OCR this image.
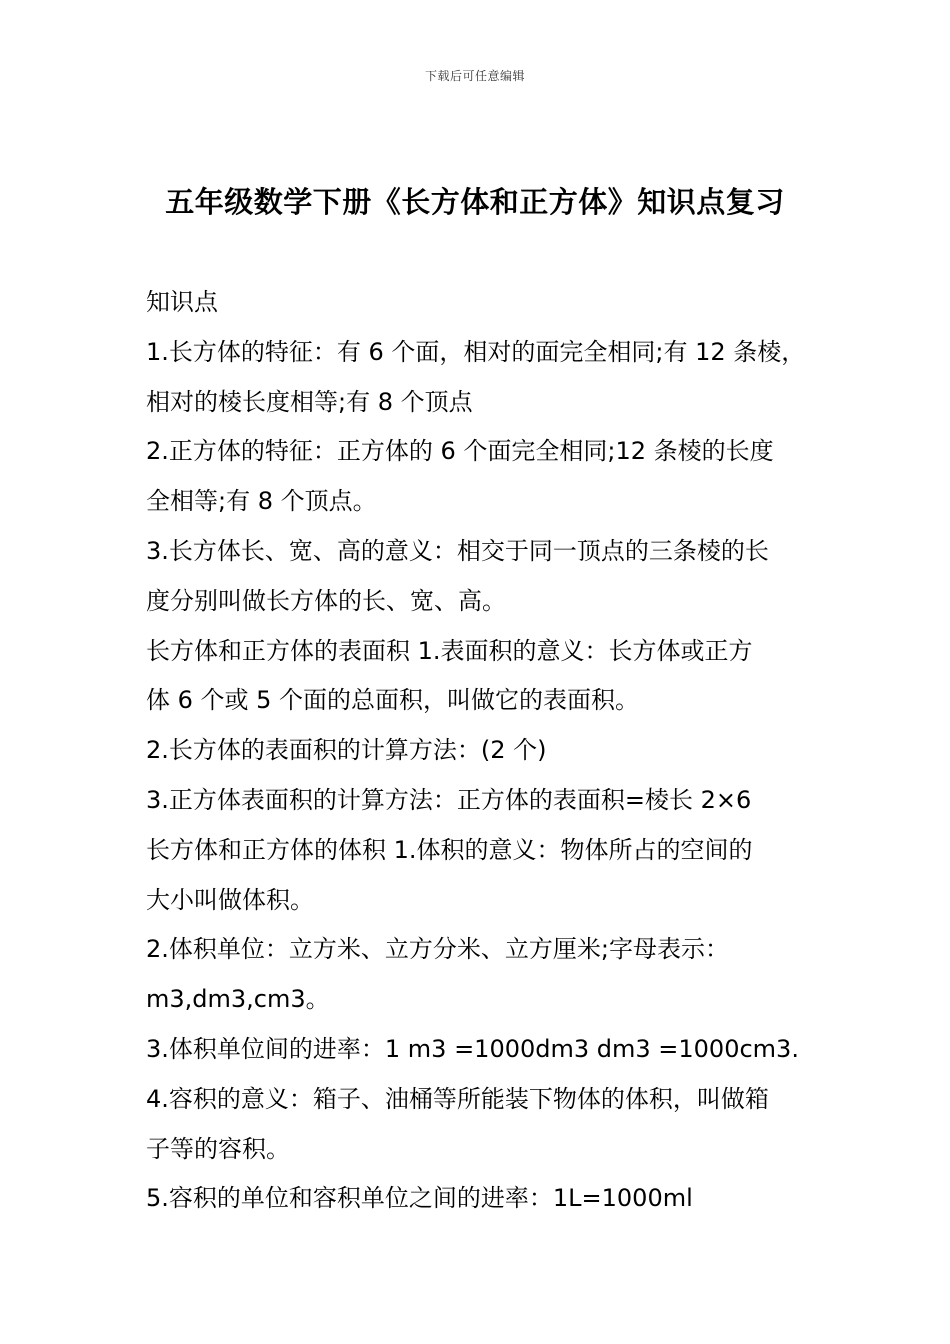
下载后可任意编辑
五年级数学下册《长方体和正方体》知识点复习
知识点
1.长方体的特征：有 6 个面，相对的面完全相同;有 12 条棱，
相对的棱长度相等;有 8 个顶点
2.正方体的特征：正方体的 6 个面完全相同;12 条棱的长度
全相等;有 8 个顶点。
3.长方体长、宽、高的意义：相交于同一顶点的三条棱的长
度分别叫做长方体的长、宽、高。
长方体和正方体的表面积 1.表面积的意义：长方体或正方
体 6 个或 5 个面的总面积，叫做它的表面积。
2.长方体的表面积的计算方法：(2 个)
3.正方体表面积的计算方法：正方体的表面积=棱长 2×6
长方体和正方体的体积 1.体积的意义：物体所占的空间的
大小叫做体积。
2.体积单位：立方米、立方分米、立方厘米;字母表示：
m3,dm3,cm3。
3.体积单位间的进率：1 m3 =1000dm3 dm3 =1000cm3.
4.容积的意义：箱子、油桶等所能装下物体的体积，叫做箱
子等的容积。
5.容积的单位和容积单位之间的进率：1L=1000ml
